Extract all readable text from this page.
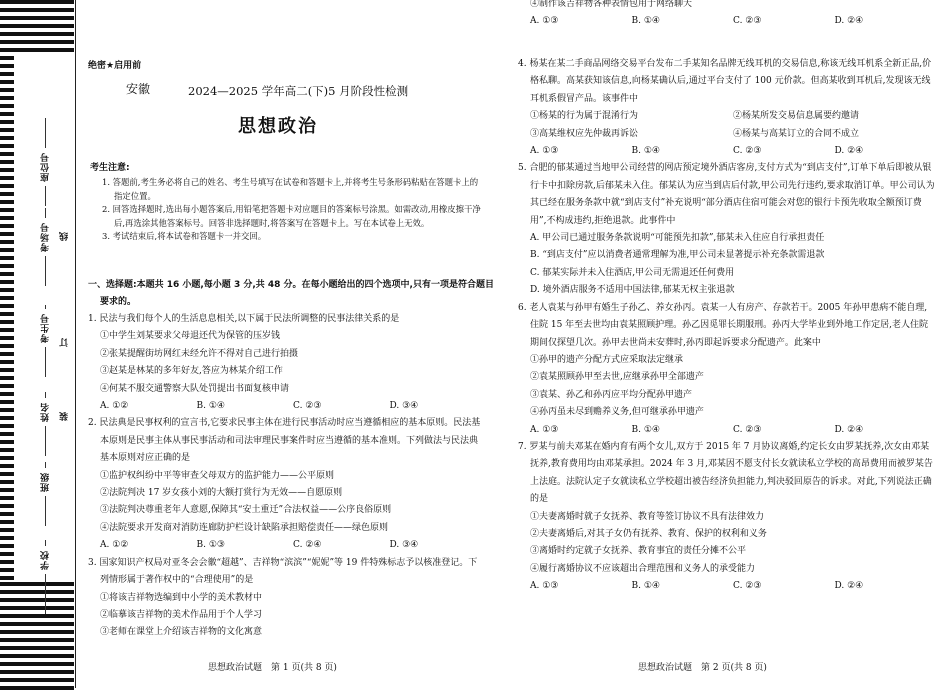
座位号
考场号
考生号
姓名
班级
学校
线
订
装
绝密★启用前
安徽	2024—2025 学年高二(下)5 月阶段性检测
思想政治
考生注意:

1. 答题前,考生务必将自己的姓名、考生号填写在试卷和答题卡上,并将考生号条形码粘贴在答题卡上的指定位置。

2. 回答选择题时,选出每小题答案后,用铅笔把答题卡对应题目的答案标号涂黑。如需改动,用橡皮擦干净后,再选涂其他答案标号。回答非选择题时,将答案写在答题卡上。写在本试卷上无效。

3. 考试结束后,将本试卷和答题卡一并交回。

一、选择题:本题共 16 小题,每小题 3 分,共 48 分。在每小题给出的四个选项中,只有一项是符合题目要求的。

1. 民法与我们每个人的生活息息相关,以下属于民法所调整的民事法律关系的是

①中学生刘某要求父母退还代为保管的压岁钱

②张某提醒街坊网红未经允许不得对自己进行拍摄

③赵某是林某的多年好友,答应为林某介绍工作

④何某不服交通警察大队处罚提出书面复核申请

A. ①②	B. ①④	C. ②③	D. ③④

2. 民法典是民事权利的宣言书,它要求民事主体在进行民事活动时应当遵循相应的基本原则。民法基本原则是民事主体从事民事活动和司法审理民事案件时应当遵循的基本准则。下列做法与民法典基本原则对应正确的是

①监护权纠纷中平等审查父母双方的监护能力——公平原则

②法院判决 17 岁女孩小刘的大额打赏行为无效——自愿原则

③法院判决尊重老年人意愿,保障其“安土重迁”合法权益——公序良俗原则

④法院要求开发商对消防连廊防护栏设计缺陷承担赔偿责任——绿色原则

A. ①②	B. ①③	C. ②④	D. ③④

3. 国家知识产权局对亚冬会会徽“超越”、吉祥物“滨滨”“妮妮”等 19 件特殊标志予以核准登记。下列情形属于著作权中的“合理使用”的是

①将该吉祥物选编到中小学的美术教材中

②临摹该吉祥物的美术作品用于个人学习

③老师在课堂上介绍该吉祥物的文化寓意

思想政治试题　第 1 页(共 8 页)

④制作该吉祥物各种表情包用于网络聊天

A. ①③	B. ①④	C. ②③	D. ②④

4. 杨某在某二手商品网络交易平台发布二手某知名品牌无线耳机的交易信息,称该无线耳机系全新正品,价格私聊。高某获知该信息,向杨某确认后,通过平台支付了 100 元价款。但高某收到耳机后,发现该无线耳机系假冒产品。该事件中

①杨某的行为属于混淆行为	②杨某所发交易信息属要约邀请
③高某维权应先仲裁再诉讼	④杨某与高某订立的合同不成立
A. ①③	B. ①④	C. ②③	D. ②④

5. 合肥的郁某通过当地甲公司经营的网店预定境外酒店客房,支付方式为“到店支付”,订单下单后即被从银行卡中扣除房款,后郁某未入住。郁某认为应当到店后付款,甲公司先行违约,要求取消订单。甲公司认为其已经在服务条款中就“到店支付”补充说明“部分酒店住宿可能会对您的银行卡预先收取全额预订费用”,不构成违约,拒绝退款。此事件中

A. 甲公司已通过服务条款说明“可能预先扣款”,郁某未入住应自行承担责任

B. “到店支付”应以消费者通常理解为准,甲公司未显著提示补充条款需退款

C. 郁某实际并未入住酒店,甲公司无需退还任何费用

D. 境外酒店服务不适用中国法律,郁某无权主张退款

6. 老人袁某与孙甲有婚生子孙乙、养女孙丙。袁某一人有房产、存款若干。2005 年孙甲患病不能自理,住院 15 年至去世均由袁某照顾护理。孙乙因觅罪长期服刑。孙丙大学毕业到外地工作定居,老人住院期间仅探望几次。孙甲去世尚未安葬时,孙丙即起诉要求分配遗产。此案中

①孙甲的遗产分配方式应采取法定继承

②袁某照顾孙甲至去世,应继承孙甲全部遗产

③袁某、孙乙和孙丙应平均分配孙甲遗产

④孙丙虽未尽到赡养义务,但可继承孙甲遗产

A. ①③	B. ①④	C. ②③	D. ②④

7. 罗某与前夫邓某在婚内育有两个女儿,双方于 2015 年 7 月协议离婚,约定长女由罗某抚养,次女由邓某抚养,教育费用均由邓某承担。2024 年 3 月,邓某因不愿支付长女就读私立学校的高昂费用而被罗某告上法庭。法院认定子女就读私立学校超出被告经济负担能力,判决驳回原告的诉求。对此,下列说法正确的是

①夫妻离婚时就子女抚养、教育等签订协议不具有法律效力

②夫妻离婚后,对其子女仍有抚养、教育、保护的权利和义务

③离婚时约定就子女抚养、教育事宜的责任分摊不公平

④履行离婚协议不应该超出合理范围和义务人的承受能力

A. ①③	B. ①④	C. ②③	D. ②④
思想政治试题　第 2 页(共 8 页)
